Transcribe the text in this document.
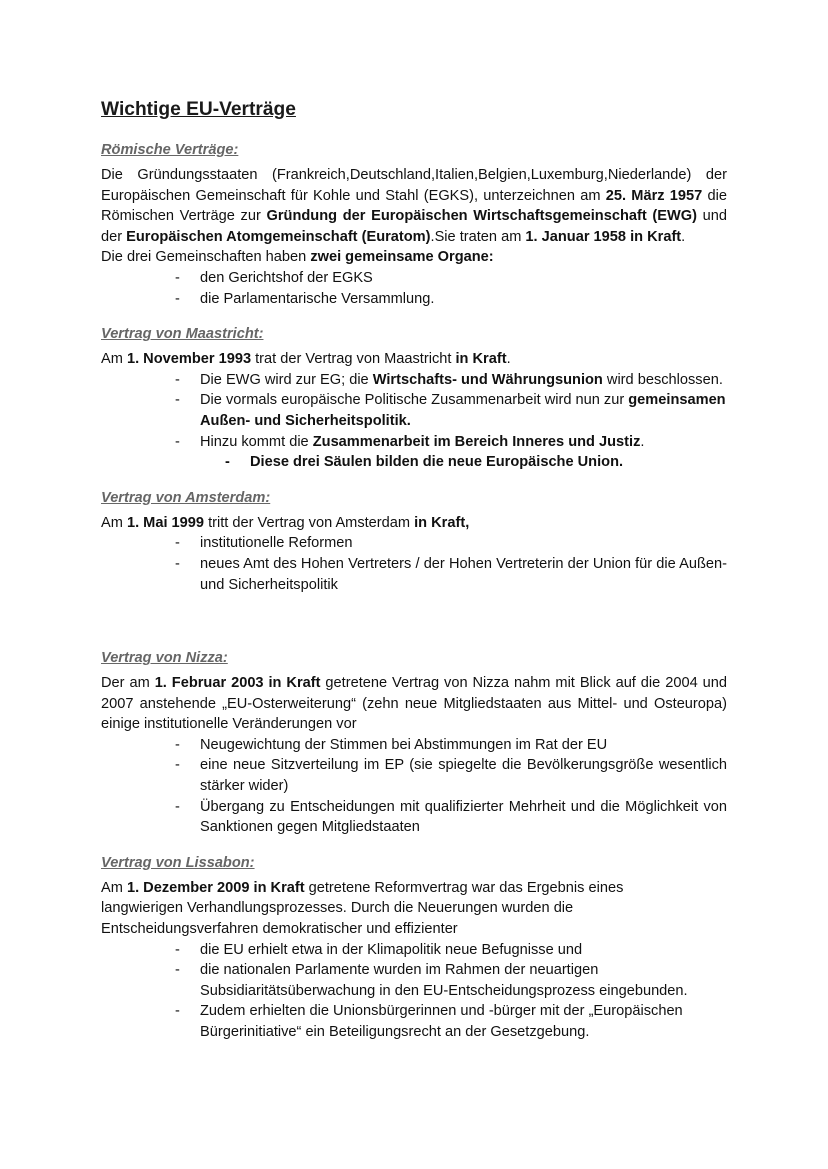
Wichtige EU-Verträge
Römische Verträge:

Die Gründungsstaaten (Frankreich,Deutschland,Italien,Belgien,Luxemburg,Niederlande) der Europäischen Gemeinschaft für Kohle und Stahl (EGKS), unterzeichnen am 25. März 1957 die Römischen Verträge zur Gründung der Europäischen Wirtschaftsgemeinschaft (EWG) und der Europäischen Atomgemeinschaft (Euratom).Sie traten am 1. Januar 1958 in Kraft.

Die drei Gemeinschaften haben zwei gemeinsame Organe:

- den Gerichtshof der EGKS
- die Parlamentarische Versammlung.
Vertrag von Maastricht:

Am 1. November 1993 trat der Vertrag von Maastricht in Kraft.

- Die EWG wird zur EG; die Wirtschafts- und Währungsunion wird beschlossen.
- Die vormals europäische Politische Zusammenarbeit wird nun zur gemeinsamen Außen- und Sicherheitspolitik.
- Hinzu kommt die Zusammenarbeit im Bereich Inneres und Justiz.
- Diese drei Säulen bilden die neue Europäische Union.
Vertrag von Amsterdam:

Am 1. Mai 1999 tritt der Vertrag von Amsterdam in Kraft,

- institutionelle Reformen
- neues Amt des Hohen Vertreters / der Hohen Vertreterin der Union für die Außen- und Sicherheitspolitik
Vertrag von Nizza:

Der am 1. Februar 2003 in Kraft getretene Vertrag von Nizza nahm mit Blick auf die 2004 und 2007 anstehende „EU-Osterweiterung“ (zehn neue Mitgliedstaaten aus Mittel- und Osteuropa) einige institutionelle Veränderungen vor

- Neugewichtung der Stimmen bei Abstimmungen im Rat der EU
- eine neue Sitzverteilung im EP (sie spiegelte die Bevölkerungsgröße wesentlich stärker wider)
- Übergang zu Entscheidungen mit qualifizierter Mehrheit und die Möglichkeit von Sanktionen gegen Mitgliedstaaten
Vertrag von Lissabon:

Am 1. Dezember 2009 in Kraft getretene Reformvertrag war das Ergebnis eines langwierigen Verhandlungsprozesses. Durch die Neuerungen wurden die Entscheidungsverfahren demokratischer und effizienter

- die EU erhielt etwa in der Klimapolitik neue Befugnisse und
- die nationalen Parlamente wurden im Rahmen der neuartigen Subsidiaritätsüberwachung in den EU-Entscheidungsprozess eingebunden.
- Zudem erhielten die Unionsbürgerinnen und -bürger mit der „Europäischen Bürgerinitiative“ ein Beteiligungsrecht an der Gesetzgebung.
